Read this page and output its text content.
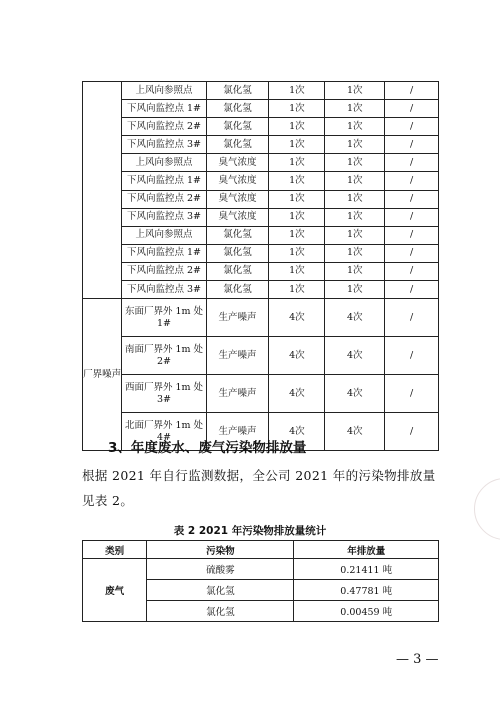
	上风向参照点	氯化氢	1次	1次	/
	下风向监控点 1#	氯化氢	1次	1次	/
	下风向监控点 2#	氯化氢	1次	1次	/
	下风向监控点 3#	氯化氢	1次	1次	/
	上风向参照点	臭气浓度	1次	1次	/
	下风向监控点 1#	臭气浓度	1次	1次	/
	下风向监控点 2#	臭气浓度	1次	1次	/
	下风向监控点 3#	臭气浓度	1次	1次	/
	上风向参照点	氯化氢	1次	1次	/
	下风向监控点 1#	氯化氢	1次	1次	/
	下风向监控点 2#	氯化氢	1次	1次	/
	下风向监控点 3#	氯化氢	1次	1次	/
厂界噪声	东面厂界外 1m 处 1#	生产噪声	4次	4次	/
	南面厂界外 1m 处 2#	生产噪声	4次	4次	/
	西面厂界外 1m 处 3#	生产噪声	4次	4次	/
	北面厂界外 1m 处 4#	生产噪声	4次	4次	/

3、年度废水、废气污染物排放量

根据 2021 年自行监测数据，全公司 2021 年的污染物排放量

见表 2。

表 2 2021 年污染物排放量统计

类别	污染物	年排放量
废气	硫酸雾	0.21411 吨
	氯化氢	0.47781 吨
	氯化氢	0.00459 吨

— 3 —
